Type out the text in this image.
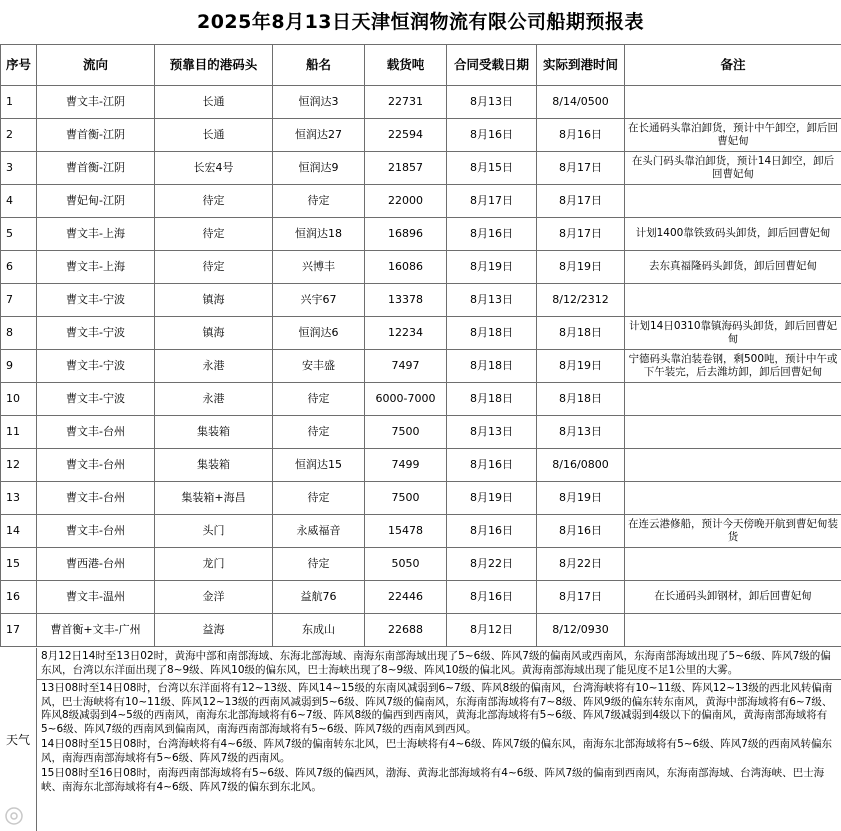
2025年8月13日天津恒润物流有限公司船期预报表
序号	流向	预靠目的港码头	船名	载货吨	合同受载日期	实际到港时间	备注
1	曹文丰-江阴	长通	恒润达3	22731	8月13日	8/14/0500	
2	曹首衡-江阴	长通	恒润达27	22594	8月16日	8月16日	在长通码头靠泊卸货，预计中午卸空，卸后回曹妃甸
3	曹首衡-江阴	长宏4号	恒润达9	21857	8月15日	8月17日	在头门码头靠泊卸货，预计14日卸空，卸后回曹妃甸
4	曹妃甸-江阴	待定	待定	22000	8月17日	8月17日	
5	曹文丰-上海	待定	恒润达18	16896	8月16日	8月17日	计划1400靠铁致码头卸货，卸后回曹妃甸
6	曹文丰-上海	待定	兴博丰	16086	8月19日	8月19日	去东真福隆码头卸货，卸后回曹妃甸
7	曹文丰-宁波	镇海	兴宇67	13378	8月13日	8/12/2312	
8	曹文丰-宁波	镇海	恒润达6	12234	8月18日	8月18日	计划14日0310靠镇海码头卸货，卸后回曹妃甸
9	曹文丰-宁波	永港	安丰盛	7497	8月18日	8月19日	宁德码头靠泊装卷钢，剩500吨，预计中午或下午装完，后去潍坊卸，卸后回曹妃甸
10	曹文丰-宁波	永港	待定	6000-7000	8月18日	8月18日	
11	曹文丰-台州	集装箱	待定	7500	8月13日	8月13日	
12	曹文丰-台州	集装箱	恒润达15	7499	8月16日	8/16/0800	
13	曹文丰-台州	集装箱+海昌	待定	7500	8月19日	8月19日	
14	曹文丰-台州	头门	永威福音	15478	8月16日	8月16日	在连云港修船，预计今天傍晚开航到曹妃甸装货
15	曹西港-台州	龙门	待定	5050	8月22日	8月22日	
16	曹文丰-温州	金洋	益航76	22446	8月16日	8月17日	在长通码头卸钢材，卸后回曹妃甸
17	曹首衡+文丰-广州	益海	东成山	22688	8月12日	8/12/0930	
天气
8月12日14时至13日02时，黄海中部和南部海域、东海北部海域、南海东南部海域出现了5~6级、阵风7级的偏南风或西南风，东海南部海域出现了5~6级、阵风7级的偏东风，台湾以东洋面出现了8~9级、阵风10级的偏东风，巴士海峡出现了8~9级、阵风10级的偏北风。黄海南部海域出现了能见度不足1公里的大雾。
13日08时至14日08时，台湾以东洋面将有12~13级、阵风14~15级的东南风减弱到6~7级、阵风8级的偏南风，台湾海峡将有10~11级、阵风12~13级的西北风转偏南风，巴士海峡将有10~11级、阵风12~13级的西南风减弱到5~6级、阵风7级的偏南风，东海南部海域将有7~8级、阵风9级的偏东转东南风，黄海中部海域将有6~7级、阵风8级减弱到4~5级的西南风，南海东北部海域将有6~7级、阵风8级的偏西到西南风，黄海北部海域将有5~6级、阵风7级减弱到4级以下的偏南风，黄海南部海域将有5~6级、阵风7级的西南风到偏南风，南海西南部海域将有5~6级、阵风7级的西南风到西风。
14日08时至15日08时，台湾海峡将有4~6级、阵风7级的偏南转东北风，巴士海峡将有4~6级、阵风7级的偏东风，南海东北部海域将有5~6级、阵风7级的西南风转偏东风，南海西南部海域将有5~6级、阵风7级的西南风。
15日08时至16日08时，南海西南部海域将有5~6级、阵风7级的偏西风，渤海、黄海北部海域将有4~6级、阵风7级的偏南到西南风，东海南部海域、台湾海峡、巴士海峡、南海东北部海域将有4~6级、阵风7级的偏东到东北风。
